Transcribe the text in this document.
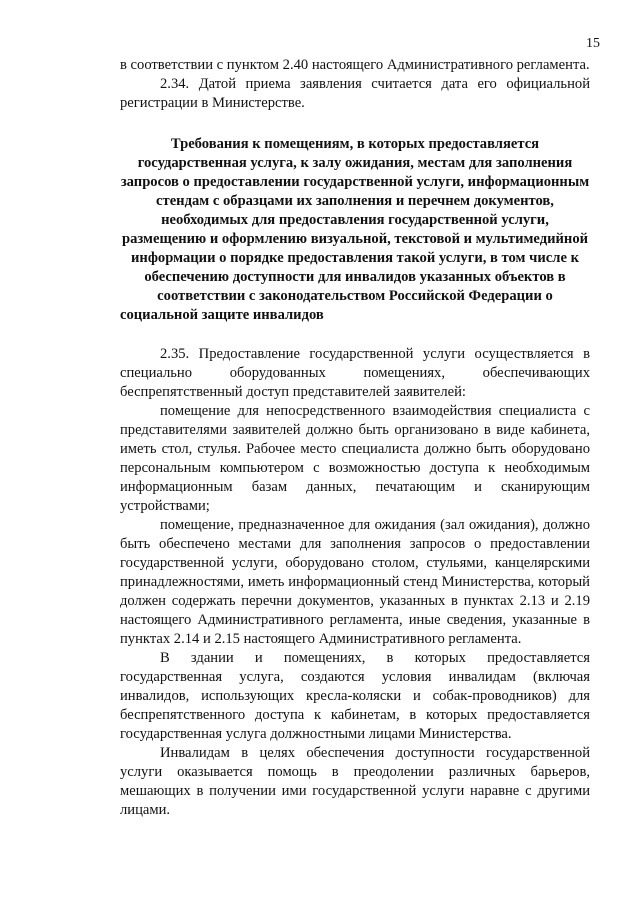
15

в соответствии с пунктом 2.40 настоящего Административного регламента.

2.34. Датой приема заявления считается дата его официальной регистрации в Министерстве.

Требования к помещениям, в которых предоставляется государственная услуга, к залу ожидания, местам для заполнения запросов о предоставлении государственной услуги, информационным стендам с образцами их заполнения и перечнем документов, необходимых для предоставления государственной услуги, размещению и оформлению визуальной, текстовой и мультимедийной информации о порядке предоставления такой услуги, в том числе к обеспечению доступности для инвалидов указанных объектов в соответствии с законодательством Российской Федерации о социальной защите инвалидов

2.35. Предоставление государственной услуги осуществляется в специально оборудованных помещениях, обеспечивающих беспрепятственный доступ представителей заявителей:

помещение для непосредственного взаимодействия специалиста с представителями заявителей должно быть организовано в виде кабинета, иметь стол, стулья. Рабочее место специалиста должно быть оборудовано персональным компьютером с возможностью доступа к необходимым информационным базам данных, печатающим и сканирующим устройствами;

помещение, предназначенное для ожидания (зал ожидания), должно быть обеспечено местами для заполнения запросов о предоставлении государственной услуги, оборудовано столом, стульями, канцелярскими принадлежностями, иметь информационный стенд Министерства, который должен содержать перечни документов, указанных в пунктах 2.13 и 2.19 настоящего Административного регламента, иные сведения, указанные в пунктах 2.14 и 2.15 настоящего Административного регламента.

В здании и помещениях, в которых предоставляется государственная услуга, создаются условия инвалидам (включая инвалидов, использующих кресла-коляски и собак-проводников) для беспрепятственного доступа к кабинетам, в которых предоставляется государственная услуга должностными лицами Министерства.

Инвалидам в целях обеспечения доступности государственной услуги оказывается помощь в преодолении различных барьеров, мешающих в получении ими государственной услуги наравне с другими лицами.
